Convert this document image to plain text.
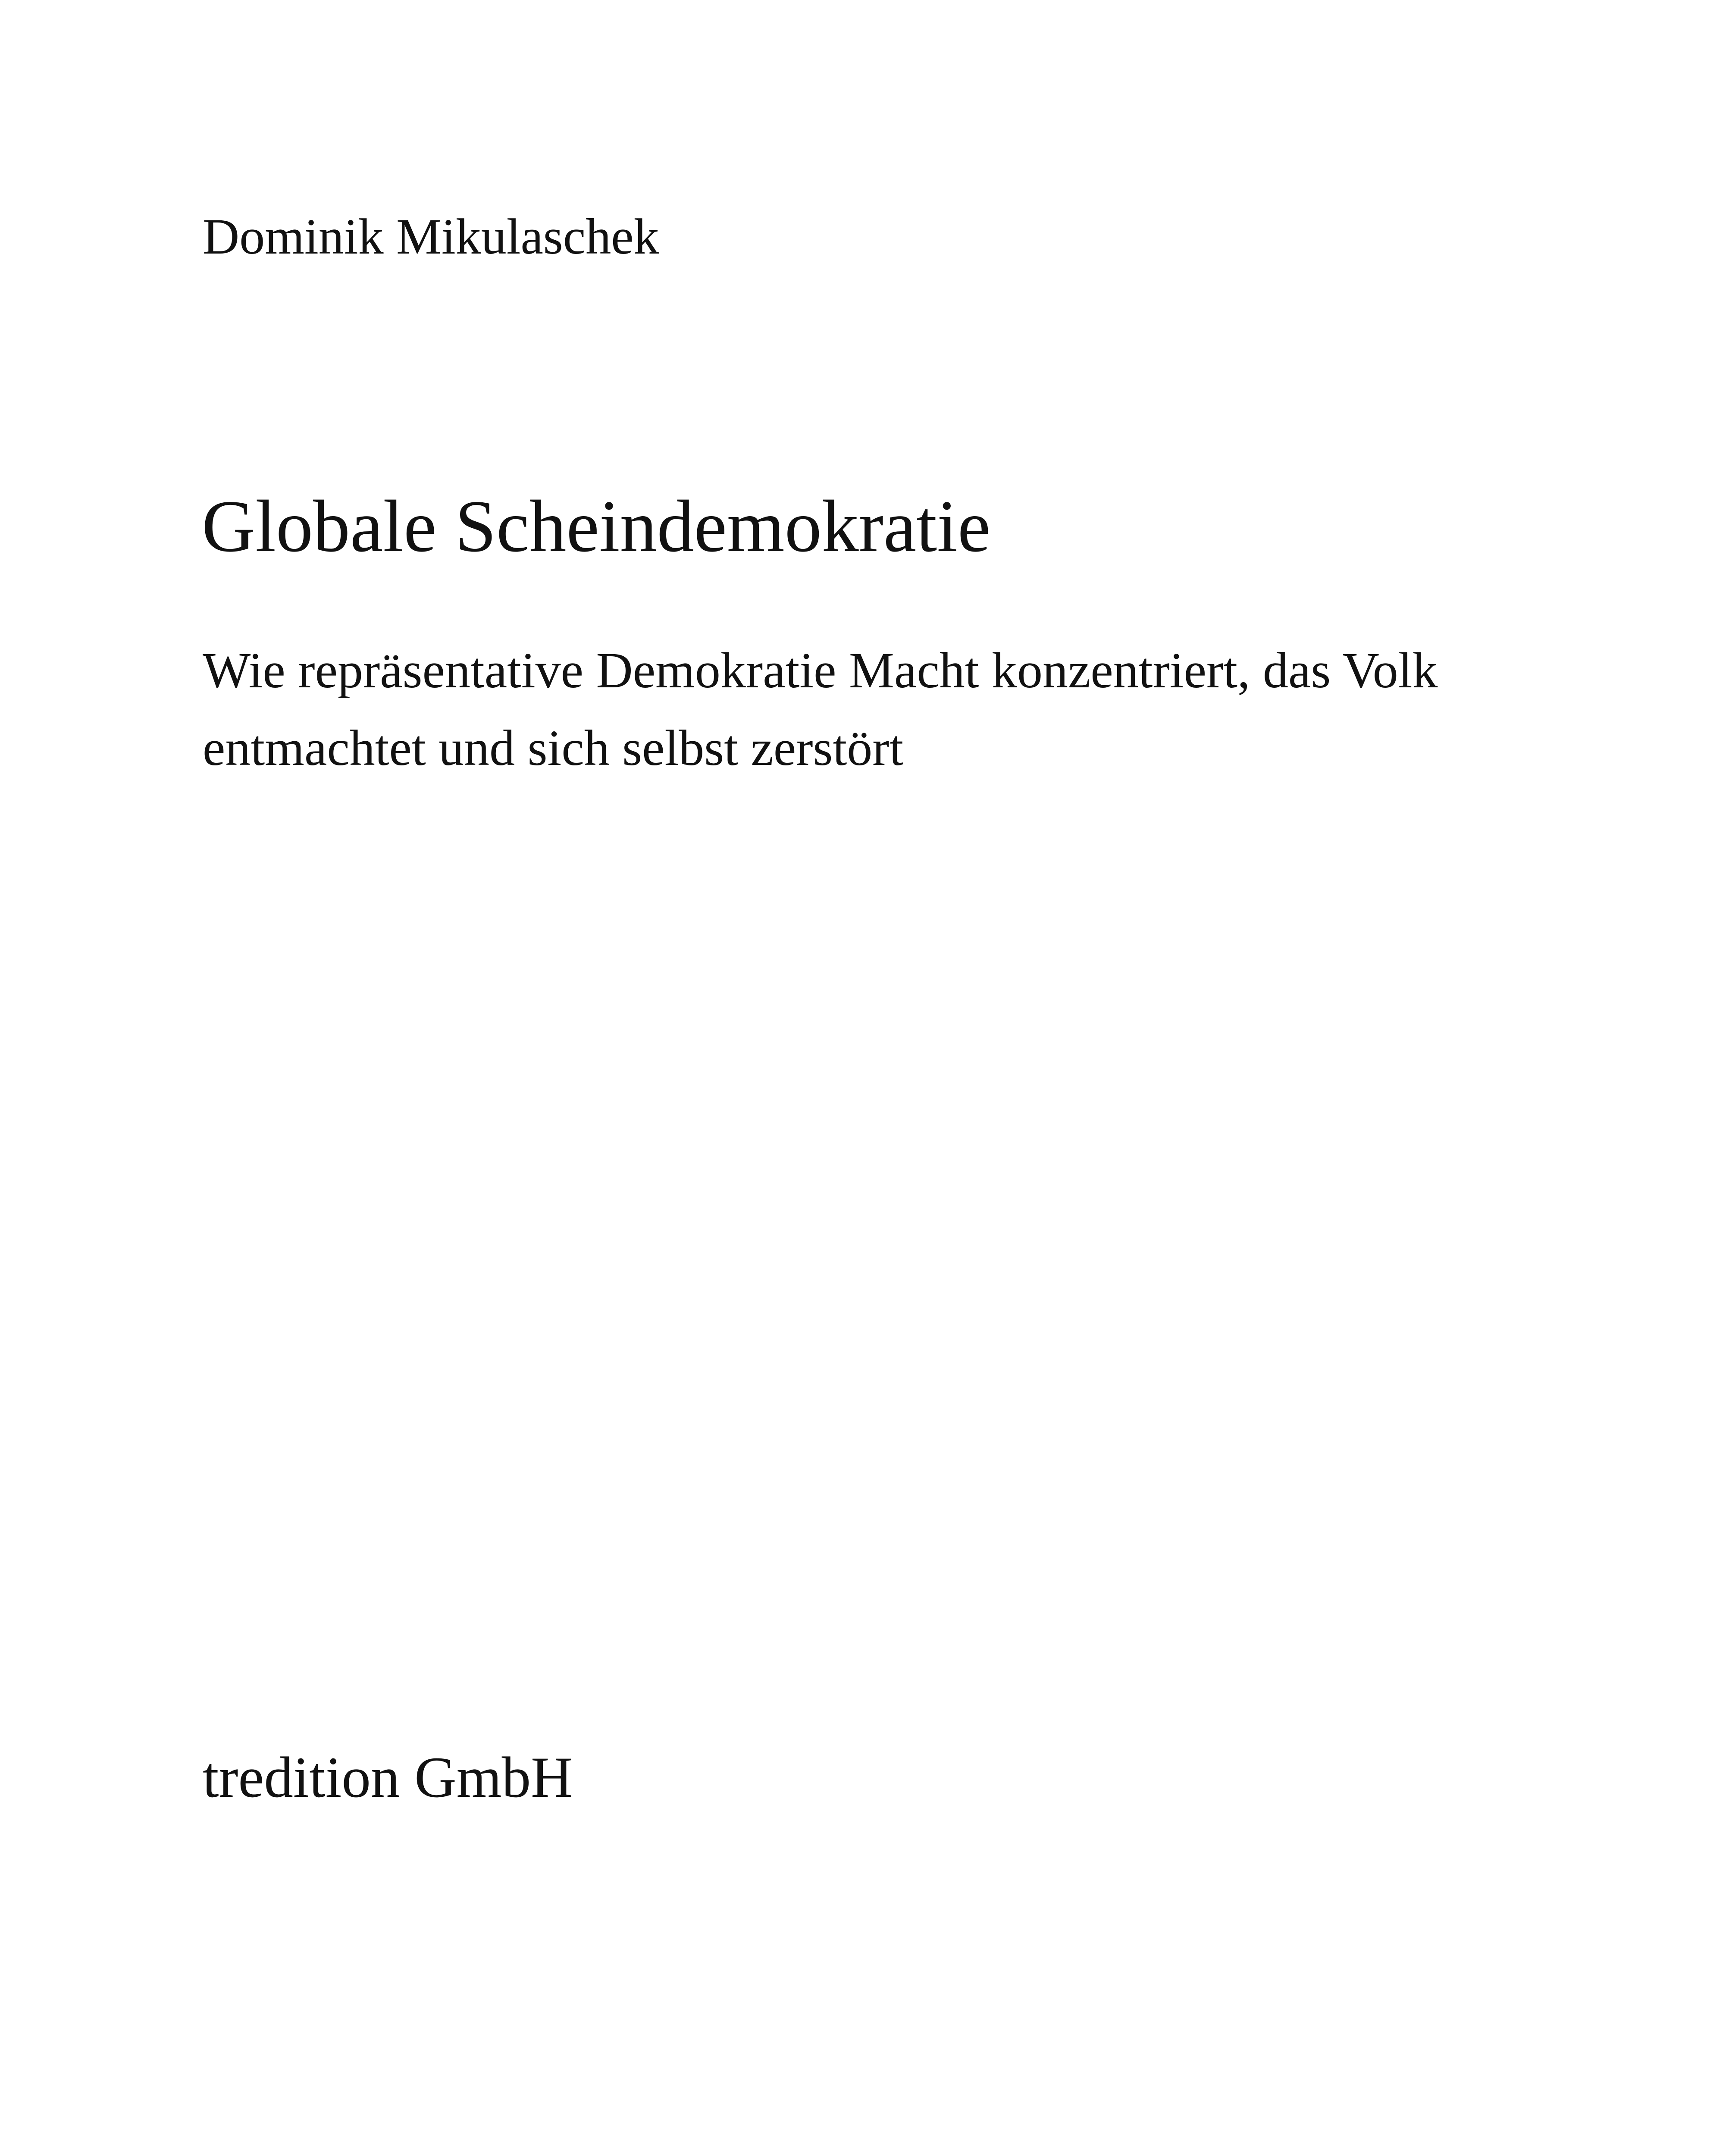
Dominik Mikulaschek

Globale Scheindemokratie

Wie repräsentative Demokratie Macht konzentriert, das Volk
entmachtet und sich selbst zerstört

tredition GmbH
